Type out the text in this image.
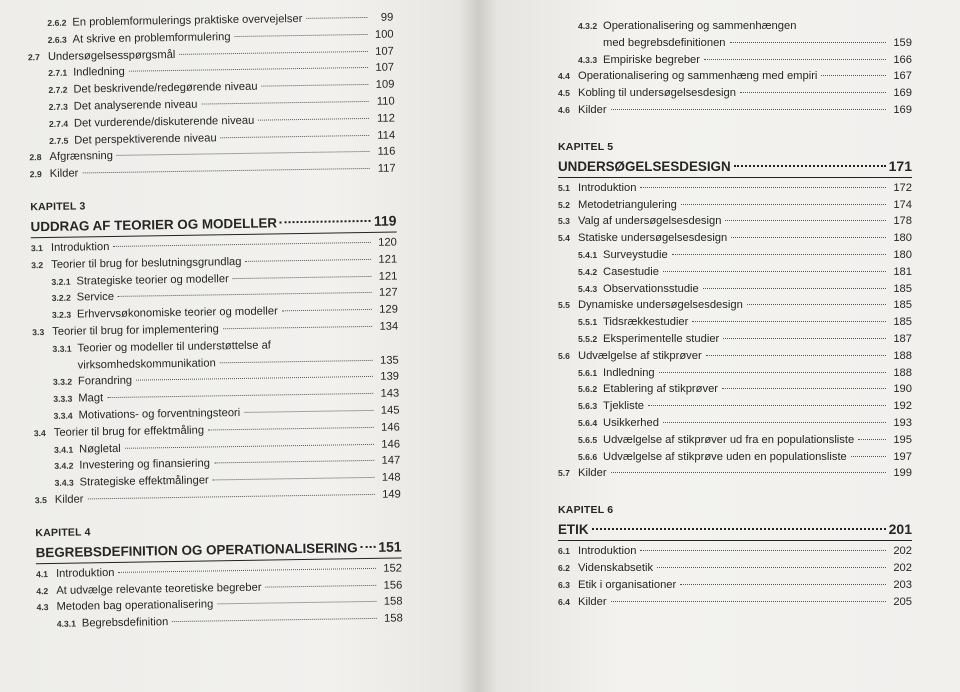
2.6.2 En problemformulerings praktiske overvejelser	99
2.6.3 At skrive en problemformulering	100
2.7 Undersøgelsesspørgsmål	107
2.7.1 Indledning	107
2.7.2 Det beskrivende/redegørende niveau	109
2.7.3 Det analyserende niveau	110
2.7.4 Det vurderende/diskuterende niveau	112
2.7.5 Det perspektiverende niveau	114
2.8 Afgrænsning	116
2.9 Kilder	117
KAPITEL 3
UDDRAG AF TEORIER OG MODELLER	119
3.1 Introduktion	120
3.2 Teorier til brug for beslutningsgrundlag	121
3.2.1 Strategiske teorier og modeller	121
3.2.2 Service	127
3.2.3 Erhvervsøkonomiske teorier og modeller	129
3.3 Teorier til brug for implementering	134
3.3.1 Teorier og modeller til understøttelse af
virksomhedskommunikation	135
3.3.2 Forandring	139
3.3.3 Magt	143
3.3.4 Motivations- og forventningsteori	145
3.4 Teorier til brug for effektmåling	146
3.4.1 Nøgletal	146
3.4.2 Investering og finansiering	147
3.4.3 Strategiske effektmålinger	148
3.5 Kilder	149
KAPITEL 4
BEGREBSDEFINITION OG OPERATIONALISERING 151
4.1 Introduktion	152
4.2 At udvælge relevante teoretiske begreber	156
4.3 Metoden bag operationalisering	158
4.3.1 Begrebsdefinition	158
4.3.2 Operationalisering og sammenhængen
med begrebsdefinitionen	159
4.3.3 Empiriske begreber	166
4.4 Operationalisering og sammenhæng med empiri	167
4.5 Kobling til undersøgelsesdesign	169
4.6 Kilder	169
KAPITEL 5
UNDERSØGELSESDESIGN	171
5.1 Introduktion	172
5.2 Metodetriangulering	174
5.3 Valg af undersøgelsesdesign	178
5.4 Statiske undersøgelsesdesign	180
5.4.1 Surveystudie	180
5.4.2 Casestudie	181
5.4.3 Observationsstudie	185
5.5 Dynamiske undersøgelsesdesign	185
5.5.1 Tidsrækkestudier	185
5.5.2 Eksperimentelle studier	187
5.6 Udvælgelse af stikprøver	188
5.6.1 Indledning	188
5.6.2 Etablering af stikprøver	190
5.6.3 Tjekliste	192
5.6.4 Usikkerhed	193
5.6.5 Udvælgelse af stikprøver ud fra en populationsliste	195
5.6.6 Udvælgelse af stikprøve uden en populationsliste	197
5.7 Kilder	199
KAPITEL 6
ETIK	201
6.1 Introduktion	202
6.2 Videnskabsetik	202
6.3 Etik i organisationer	203
6.4 Kilder	205
